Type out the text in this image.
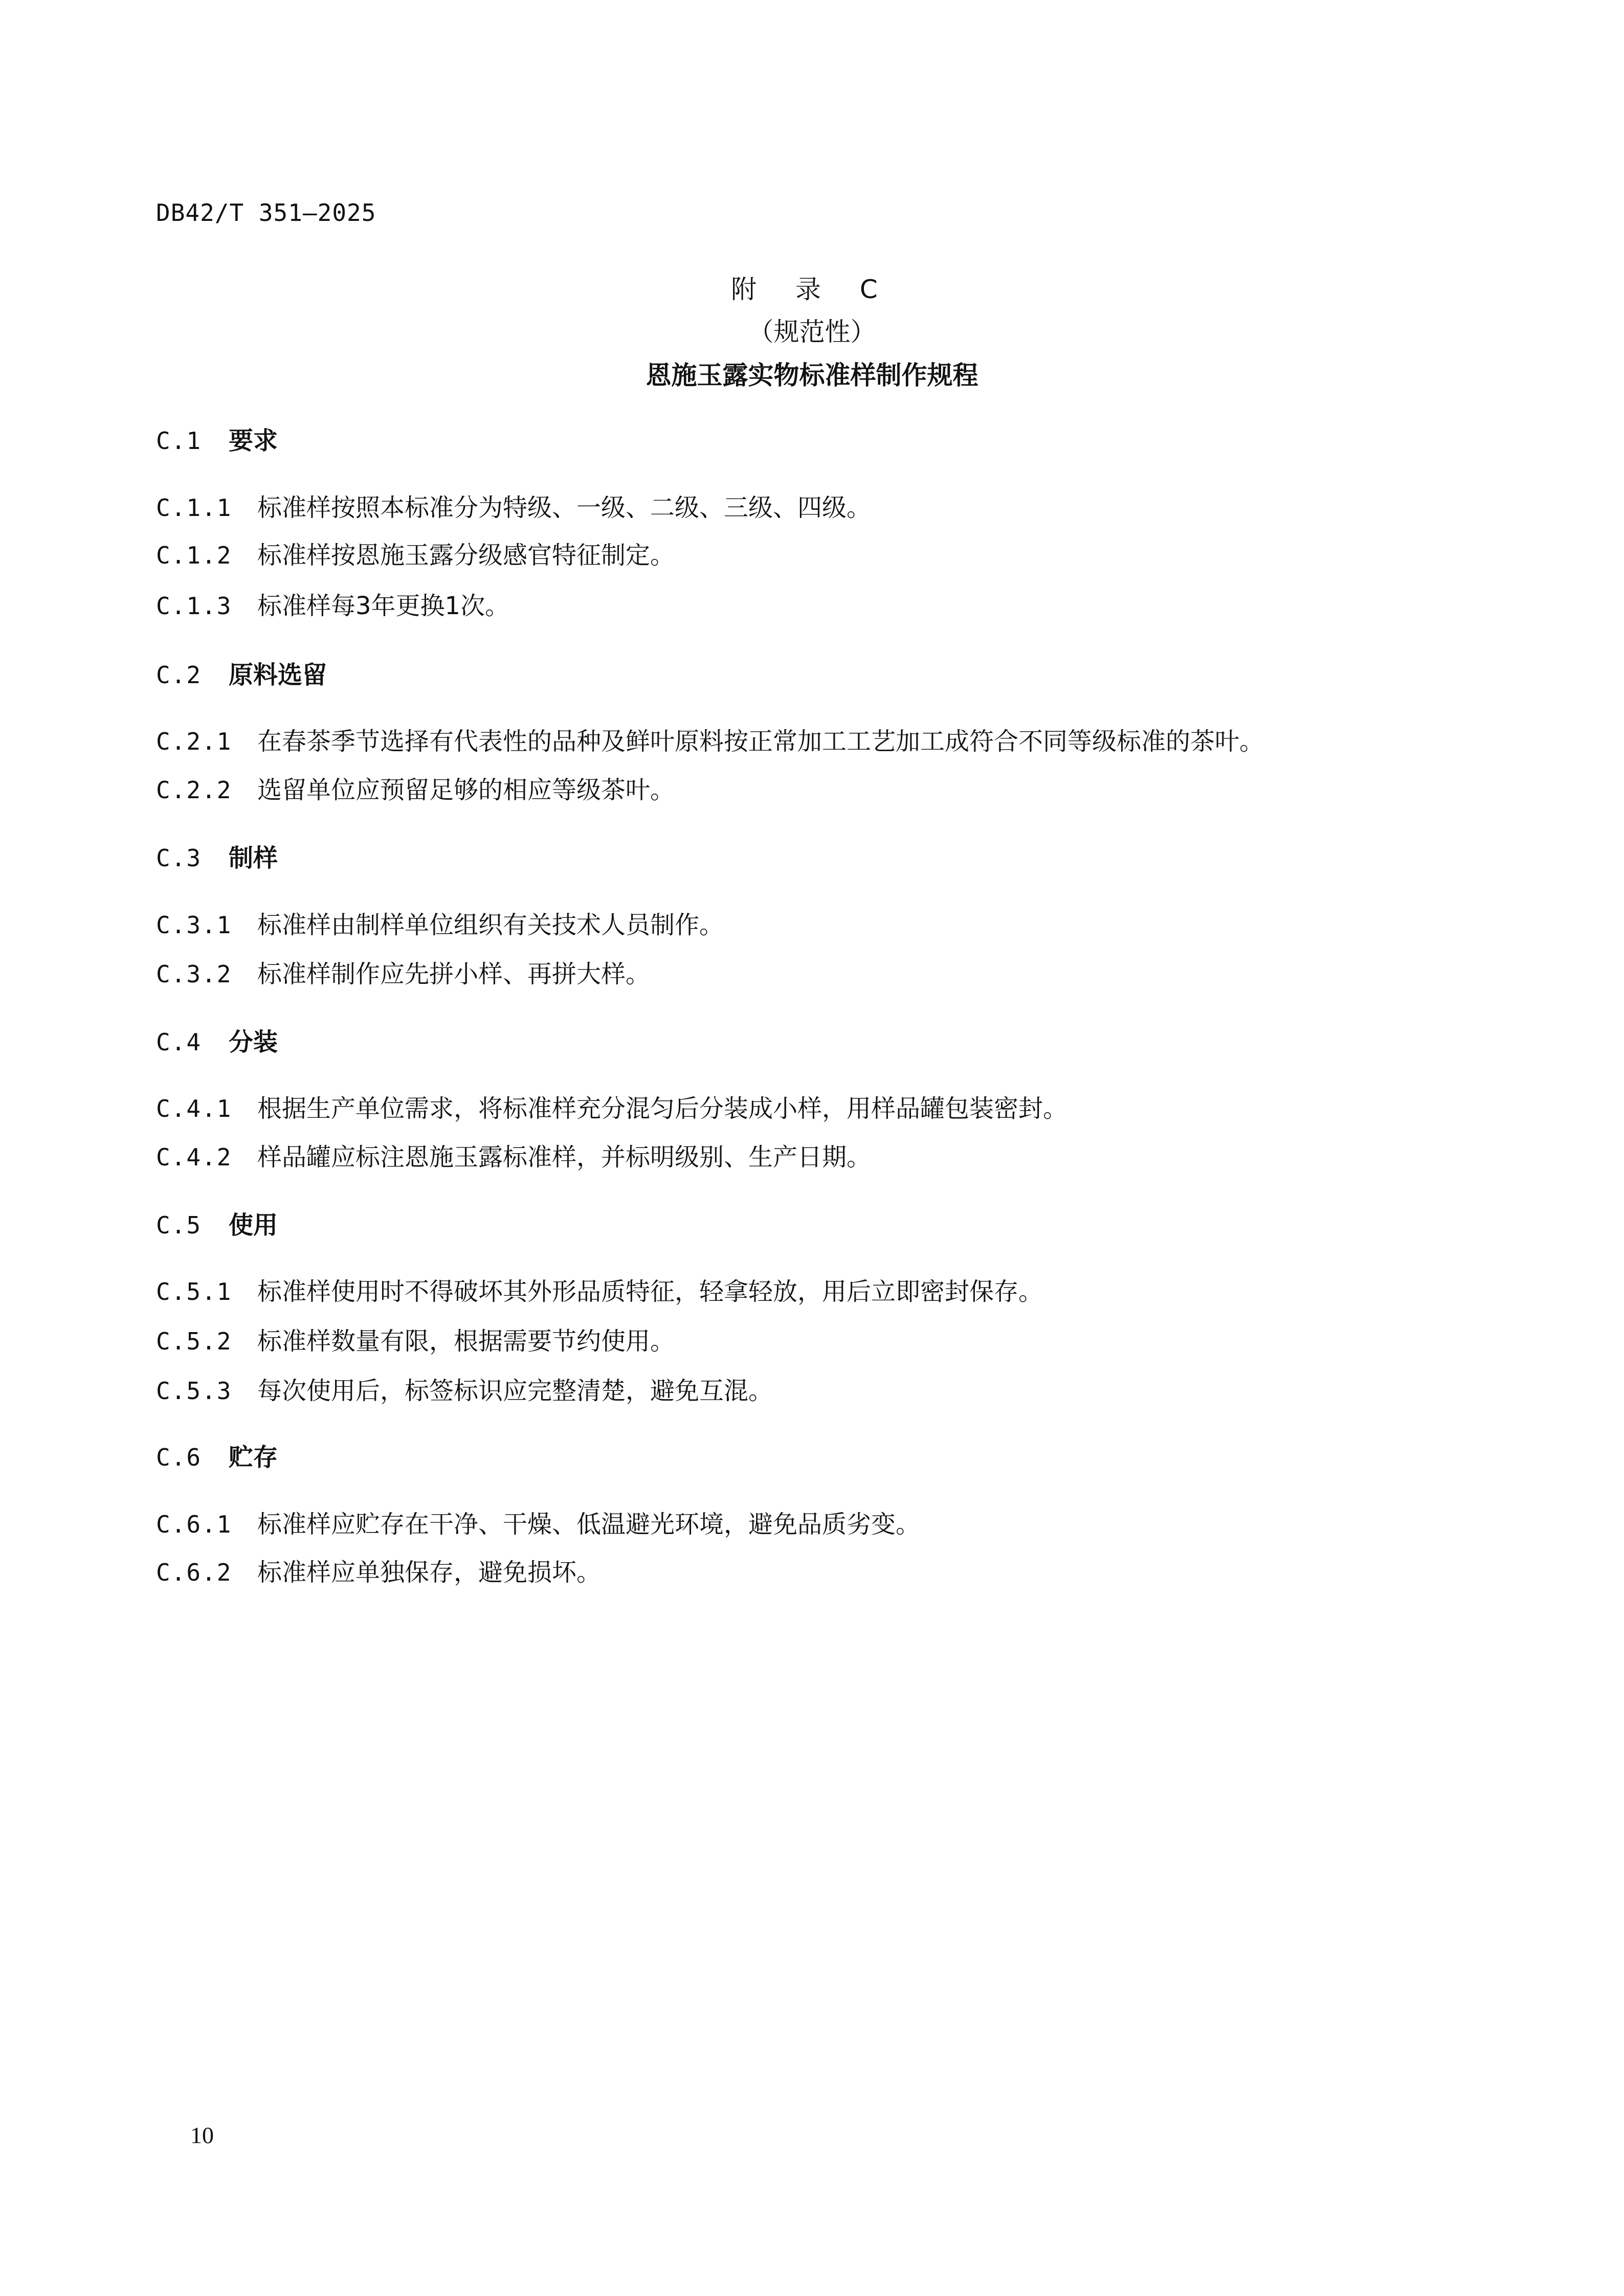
DB42/T 351—2025
附 录 C
（规范性）
恩施玉露实物标准样制作规程
C.1 要求
C.1.1 标准样按照本标准分为特级、一级、二级、三级、四级。
C.1.2 标准样按恩施玉露分级感官特征制定。
C.1.3 标准样每3年更换1次。
C.2 原料选留
C.2.1 在春茶季节选择有代表性的品种及鲜叶原料按正常加工工艺加工成符合不同等级标准的茶叶。
C.2.2 选留单位应预留足够的相应等级茶叶。
C.3 制样
C.3.1 标准样由制样单位组织有关技术人员制作。
C.3.2 标准样制作应先拼小样、再拼大样。
C.4 分装
C.4.1 根据生产单位需求，将标准样充分混匀后分装成小样，用样品罐包装密封。
C.4.2 样品罐应标注恩施玉露标准样，并标明级别、生产日期。
C.5 使用
C.5.1 标准样使用时不得破坏其外形品质特征，轻拿轻放，用后立即密封保存。
C.5.2 标准样数量有限，根据需要节约使用。
C.5.3 每次使用后，标签标识应完整清楚，避免互混。
C.6 贮存
C.6.1 标准样应贮存在干净、干燥、低温避光环境，避免品质劣变。
C.6.2 标准样应单独保存，避免损坏。
10
